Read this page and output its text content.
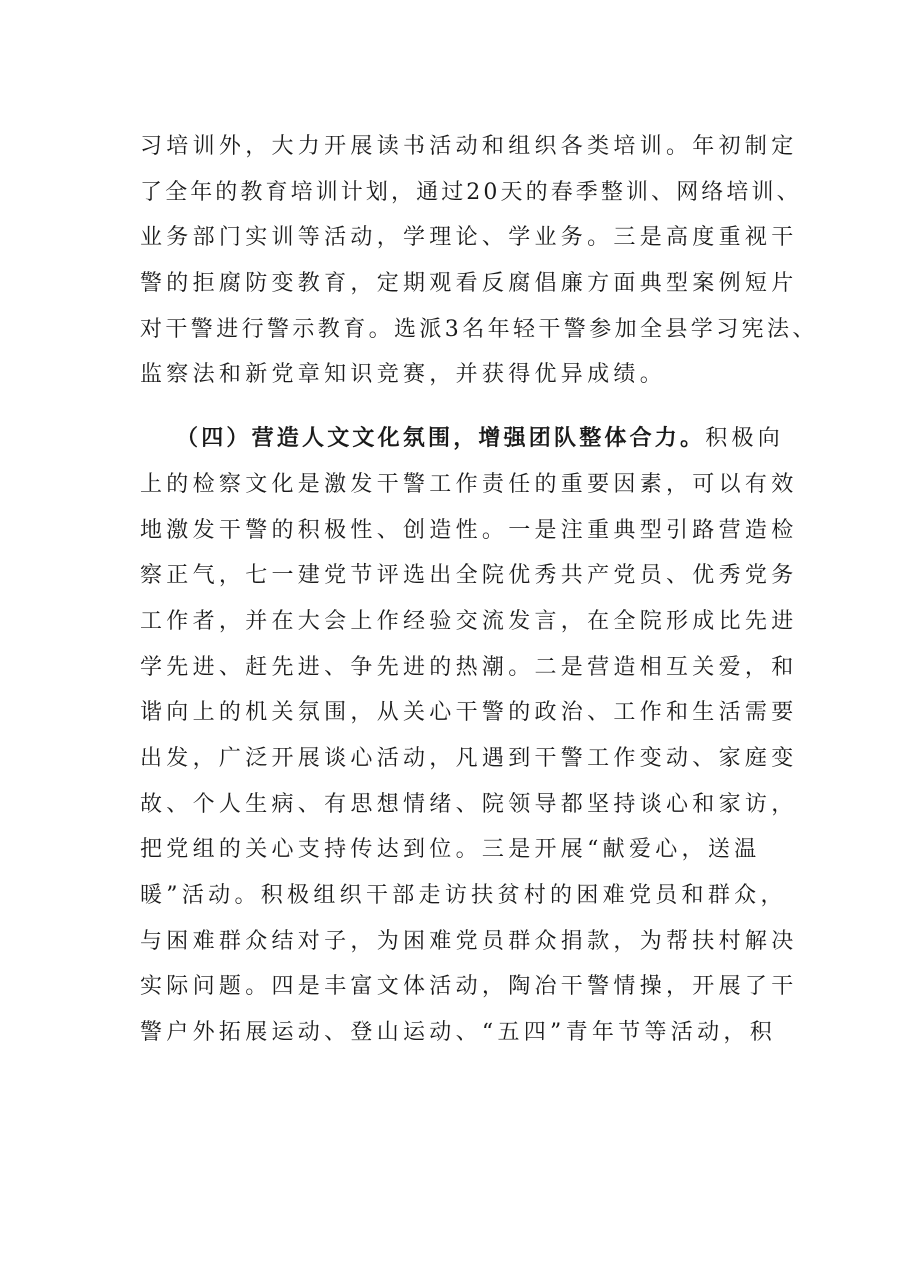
习培训外，大力开展读书活动和组织各类培训。年初制定
了全年的教育培训计划，通过20天的春季整训、网络培训、
业务部门实训等活动，学理论、学业务。三是高度重视干
警的拒腐防变教育，定期观看反腐倡廉方面典型案例短片
对干警进行警示教育。选派3名年轻干警参加全县学习宪法、
监察法和新党章知识竞赛，并获得优异成绩。
（四）营造人文文化氛围，增强团队整体合力。积极向
上的检察文化是激发干警工作责任的重要因素，可以有效
地激发干警的积极性、创造性。一是注重典型引路营造检
察正气，七一建党节评选出全院优秀共产党员、优秀党务
工作者，并在大会上作经验交流发言，在全院形成比先进
学先进、赶先进、争先进的热潮。二是营造相互关爱，和
谐向上的机关氛围，从关心干警的政治、工作和生活需要
出发，广泛开展谈心活动，凡遇到干警工作变动、家庭变
故、个人生病、有思想情绪、院领导都坚持谈心和家访，
把党组的关心支持传达到位。三是开展“献爱心，送温
暖”活动。积极组织干部走访扶贫村的困难党员和群众，
与困难群众结对子，为困难党员群众捐款，为帮扶村解决
实际问题。四是丰富文体活动，陶冶干警情操，开展了干
警户外拓展运动、登山运动、“五四”青年节等活动，积
